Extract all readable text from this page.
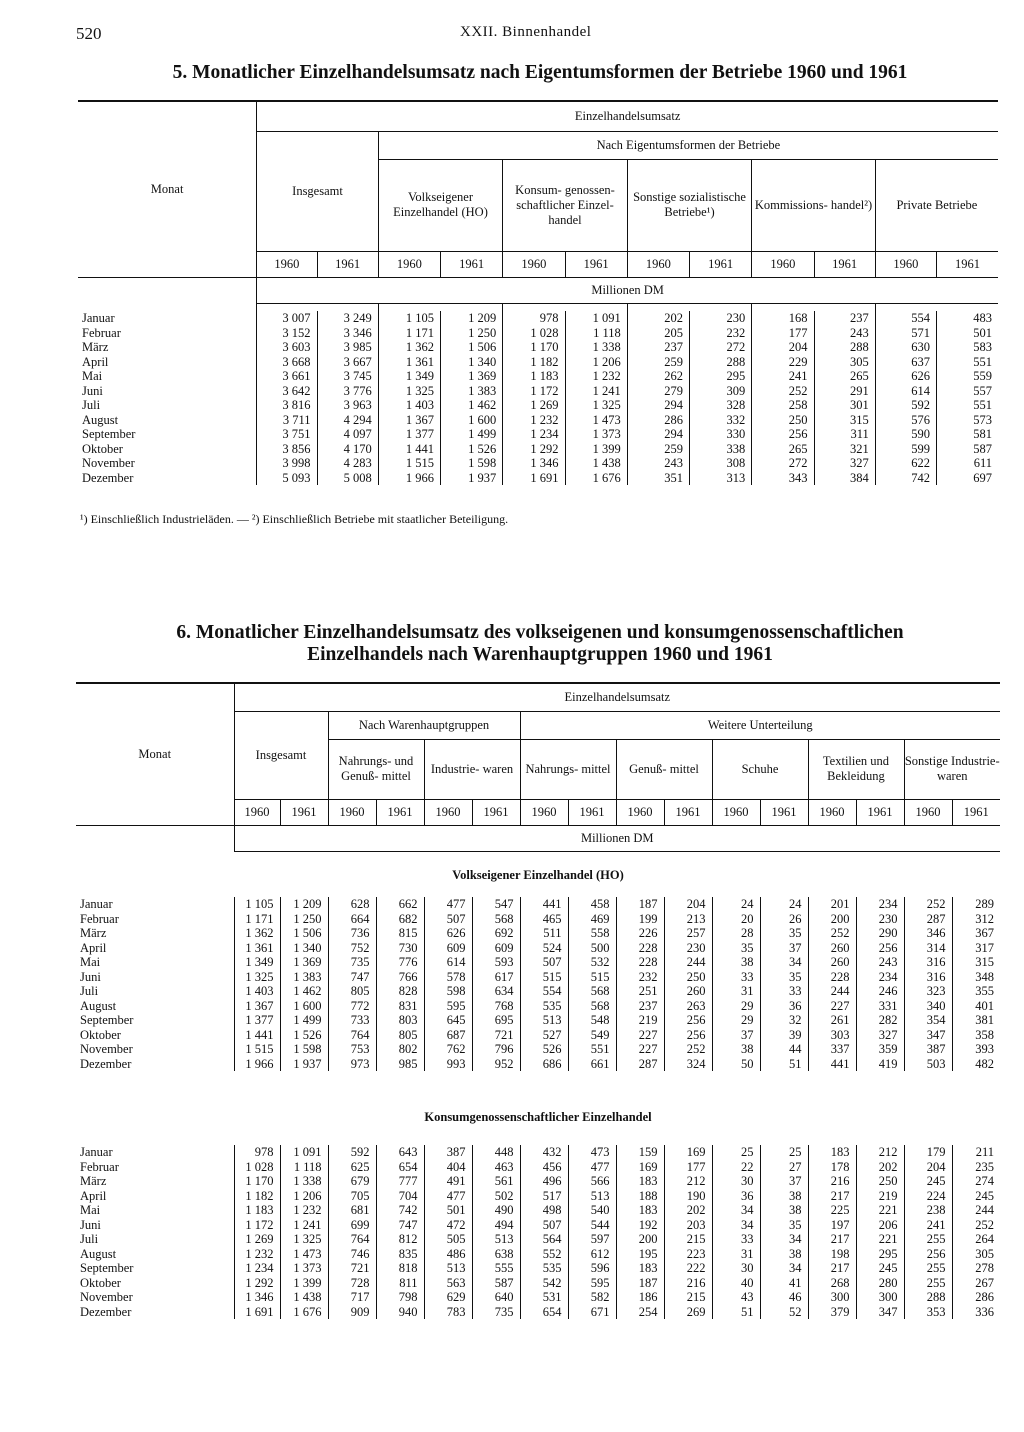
520	XXII. Binnenhandel
5. Monatlicher Einzelhandelsumsatz nach Eigentumsformen der Betriebe 1960 und 1961
Monat	Einzelhandelsumsatz											
	Insgesamt		Nach Eigentumsformen der Betriebe									
			Volkseigener Einzelhandel (HO)		Konsum- genossen- schaftlicher Einzel- handel		Sonstige sozialistische Betriebe¹)		Kommissions- handel²)		Private Betriebe	
	1960	1961	1960	1961	1960	1961	1960	1961	1960	1961	1960	1961
	Millionen DM											

Januar	3 007	3 249	1 105	1 209	978	1 091	202	230	168	237	554	483
Februar	3 152	3 346	1 171	1 250	1 028	1 118	205	232	177	243	571	501
März	3 603	3 985	1 362	1 506	1 170	1 338	237	272	204	288	630	583
April	3 668	3 667	1 361	1 340	1 182	1 206	259	288	229	305	637	551
Mai	3 661	3 745	1 349	1 369	1 183	1 232	262	295	241	265	626	559
Juni	3 642	3 776	1 325	1 383	1 172	1 241	279	309	252	291	614	557
Juli	3 816	3 963	1 403	1 462	1 269	1 325	294	328	258	301	592	551
August	3 711	4 294	1 367	1 600	1 232	1 473	286	332	250	315	576	573
September	3 751	4 097	1 377	1 499	1 234	1 373	294	330	256	311	590	581
Oktober	3 856	4 170	1 441	1 526	1 292	1 399	259	338	265	321	599	587
November	3 998	4 283	1 515	1 598	1 346	1 438	243	308	272	327	622	611
Dezember	5 093	5 008	1 966	1 937	1 691	1 676	351	313	343	384	742	697
¹) Einschließlich Industrieläden. — ²) Einschließlich Betriebe mit staatlicher Beteiligung.
6. Monatlicher Einzelhandelsumsatz des volkseigenen und konsumgenossenschaftlichen
Einzelhandels nach Warenhauptgruppen 1960 und 1961
Monat	Einzelhandelsumsatz															
	Insgesamt		Nach Warenhauptgruppen				Weitere Unterteilung									
			Nahrungs- und Genuß- mittel		Industrie- waren		Nahrungs- mittel		Genuß- mittel		Schuhe		Textilien und Bekleidung		Sonstige Industrie- waren	
	1960	1961	1960	1961	1960	1961	1960	1961	1960	1961	1960	1961	1960	1961	1960	1961
	Millionen DM															
Volkseigener Einzelhandel (HO)																

Januar	1 105	1 209	628	662	477	547	441	458	187	204	24	24	201	234	252	289
Februar	1 171	1 250	664	682	507	568	465	469	199	213	20	26	200	230	287	312
März	1 362	1 506	736	815	626	692	511	558	226	257	28	35	252	290	346	367
April	1 361	1 340	752	730	609	609	524	500	228	230	35	37	260	256	314	317
Mai	1 349	1 369	735	776	614	593	507	532	228	244	38	34	260	243	316	315
Juni	1 325	1 383	747	766	578	617	515	515	232	250	33	35	228	234	316	348
Juli	1 403	1 462	805	828	598	634	554	568	251	260	31	33	244	246	323	355
August	1 367	1 600	772	831	595	768	535	568	237	263	29	36	227	331	340	401
September	1 377	1 499	733	803	645	695	513	548	219	256	29	32	261	282	354	381
Oktober	1 441	1 526	764	805	687	721	527	549	227	256	37	39	303	327	347	358
November	1 515	1 598	753	802	762	796	526	551	227	252	38	44	337	359	387	393
Dezember	1 966	1 937	973	985	993	952	686	661	287	324	50	51	441	419	503	482

Konsumgenossenschaftlicher Einzelhandel																

Januar	978	1 091	592	643	387	448	432	473	159	169	25	25	183	212	179	211
Februar	1 028	1 118	625	654	404	463	456	477	169	177	22	27	178	202	204	235
März	1 170	1 338	679	777	491	561	496	566	183	212	30	37	216	250	245	274
April	1 182	1 206	705	704	477	502	517	513	188	190	36	38	217	219	224	245
Mai	1 183	1 232	681	742	501	490	498	540	183	202	34	38	225	221	238	244
Juni	1 172	1 241	699	747	472	494	507	544	192	203	34	35	197	206	241	252
Juli	1 269	1 325	764	812	505	513	564	597	200	215	33	34	217	221	255	264
August	1 232	1 473	746	835	486	638	552	612	195	223	31	38	198	295	256	305
September	1 234	1 373	721	818	513	555	535	596	183	222	30	34	217	245	255	278
Oktober	1 292	1 399	728	811	563	587	542	595	187	216	40	41	268	280	255	267
November	1 346	1 438	717	798	629	640	531	582	186	215	43	46	300	300	288	286
Dezember	1 691	1 676	909	940	783	735	654	671	254	269	51	52	379	347	353	336
